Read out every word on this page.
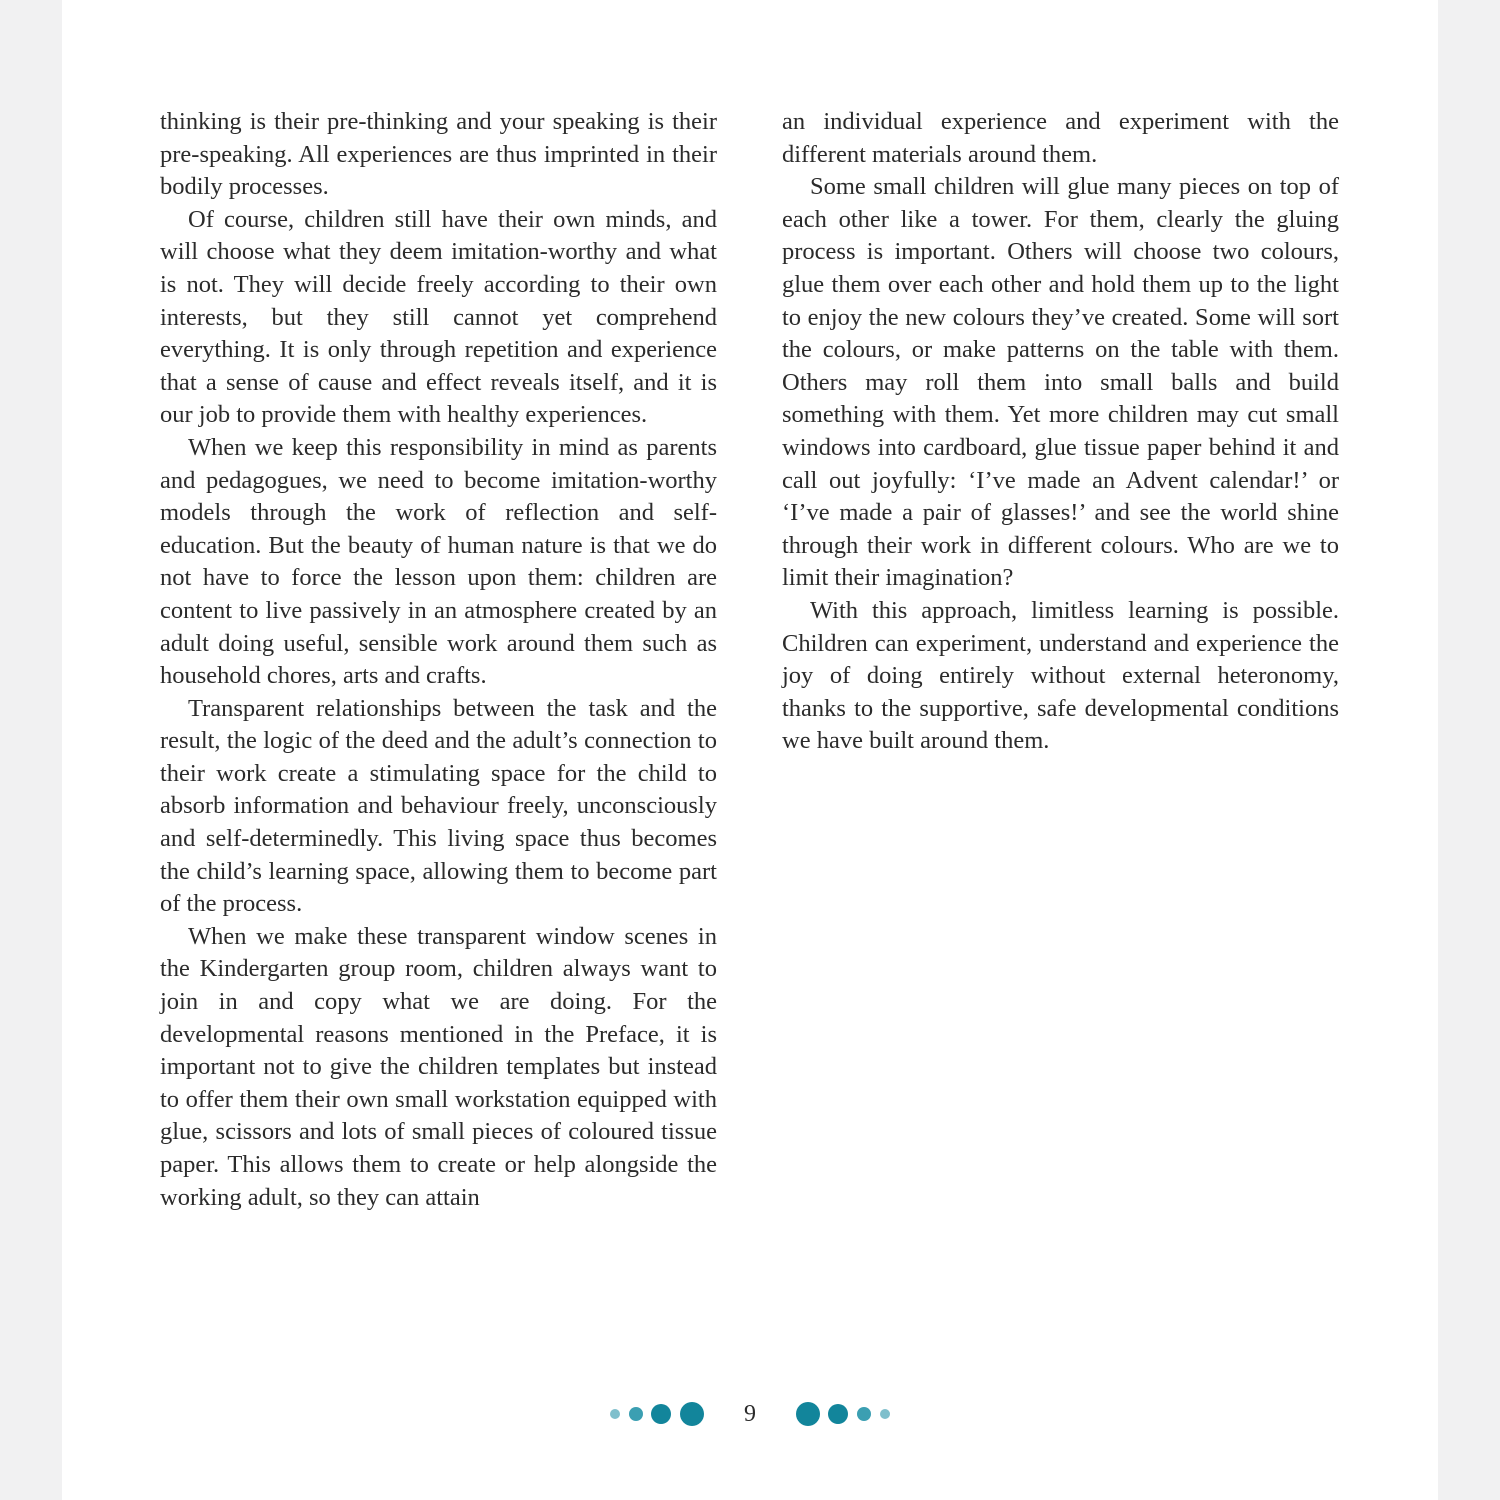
thinking is their pre-thinking and your speaking is their pre-speaking. All experiences are thus imprinted in their bodily processes.

Of course, children still have their own minds, and will choose what they deem imitation-worthy and what is not. They will decide freely according to their own interests, but they still cannot yet comprehend everything. It is only through repetition and experience that a sense of cause and effect reveals itself, and it is our job to provide them with healthy experiences.

When we keep this responsibility in mind as parents and pedagogues, we need to become imitation-worthy models through the work of reflection and self-education. But the beauty of human nature is that we do not have to force the lesson upon them: children are content to live passively in an atmosphere created by an adult doing useful, sensible work around them such as household chores, arts and crafts.

Transparent relationships between the task and the result, the logic of the deed and the adult’s connection to their work create a stimulating space for the child to absorb information and behaviour freely, unconsciously and self-determinedly. This living space thus becomes the child’s learning space, allowing them to become part of the process.

When we make these transparent window scenes in the Kindergarten group room, children always want to join in and copy what we are doing. For the developmental reasons mentioned in the Preface, it is important not to give the children templates but instead to offer them their own small workstation equipped with glue, scissors and lots of small pieces of coloured tissue paper. This allows them to create or help alongside the working adult, so they can attain

an individual experience and experiment with the different materials around them.

Some small children will glue many pieces on top of each other like a tower. For them, clearly the gluing process is important. Others will choose two colours, glue them over each other and hold them up to the light to enjoy the new colours they’ve created. Some will sort the colours, or make patterns on the table with them. Others may roll them into small balls and build something with them. Yet more children may cut small windows into cardboard, glue tissue paper behind it and call out joyfully: ‘I’ve made an Advent calendar!’ or ‘I’ve made a pair of glasses!’ and see the world shine through their work in different colours. Who are we to limit their imagination?

With this approach, limitless learning is possible. Children can experiment, understand and experience the joy of doing entirely without external heteronomy, thanks to the supportive, safe developmental conditions we have built around them.

9
